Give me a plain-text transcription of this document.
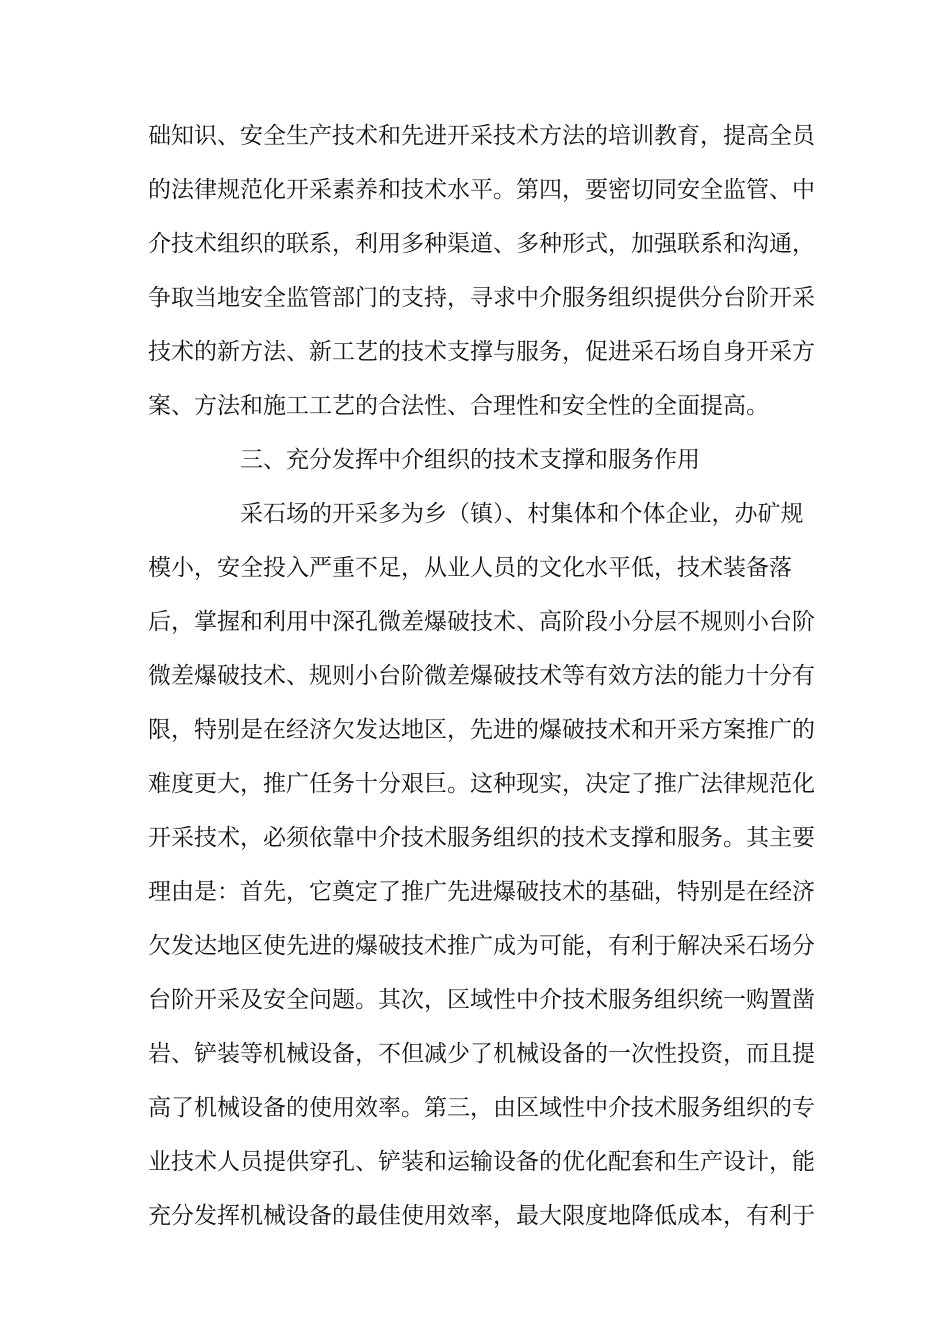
础知识、安全生产技术和先进开采技术方法的培训教育，提高全员
的法律规范化开采素养和技术水平。第四，要密切同安全监管、中
介技术组织的联系，利用多种渠道、多种形式，加强联系和沟通，
争取当地安全监管部门的支持，寻求中介服务组织提供分台阶开采
技术的新方法、新工艺的技术支撑与服务，促进采石场自身开采方
案、方法和施工工艺的合法性、合理性和安全性的全面提高。
三、充分发挥中介组织的技术支撑和服务作用
采石场的开采多为乡（镇）、村集体和个体企业，办矿规
模小，安全投入严重不足，从业人员的文化水平低，技术装备落
后，掌握和利用中深孔微差爆破技术、高阶段小分层不规则小台阶
微差爆破技术、规则小台阶微差爆破技术等有效方法的能力十分有
限，特别是在经济欠发达地区，先进的爆破技术和开采方案推广的
难度更大，推广任务十分艰巨。这种现实，决定了推广法律规范化
开采技术，必须依靠中介技术服务组织的技术支撑和服务。其主要
理由是：首先，它奠定了推广先进爆破技术的基础，特别是在经济
欠发达地区使先进的爆破技术推广成为可能，有利于解决采石场分
台阶开采及安全问题。其次，区域性中介技术服务组织统一购置凿
岩、铲装等机械设备，不但减少了机械设备的一次性投资，而且提
高了机械设备的使用效率。第三，由区域性中介技术服务组织的专
业技术人员提供穿孔、铲装和运输设备的优化配套和生产设计，能
充分发挥机械设备的最佳使用效率，最大限度地降低成本，有利于
